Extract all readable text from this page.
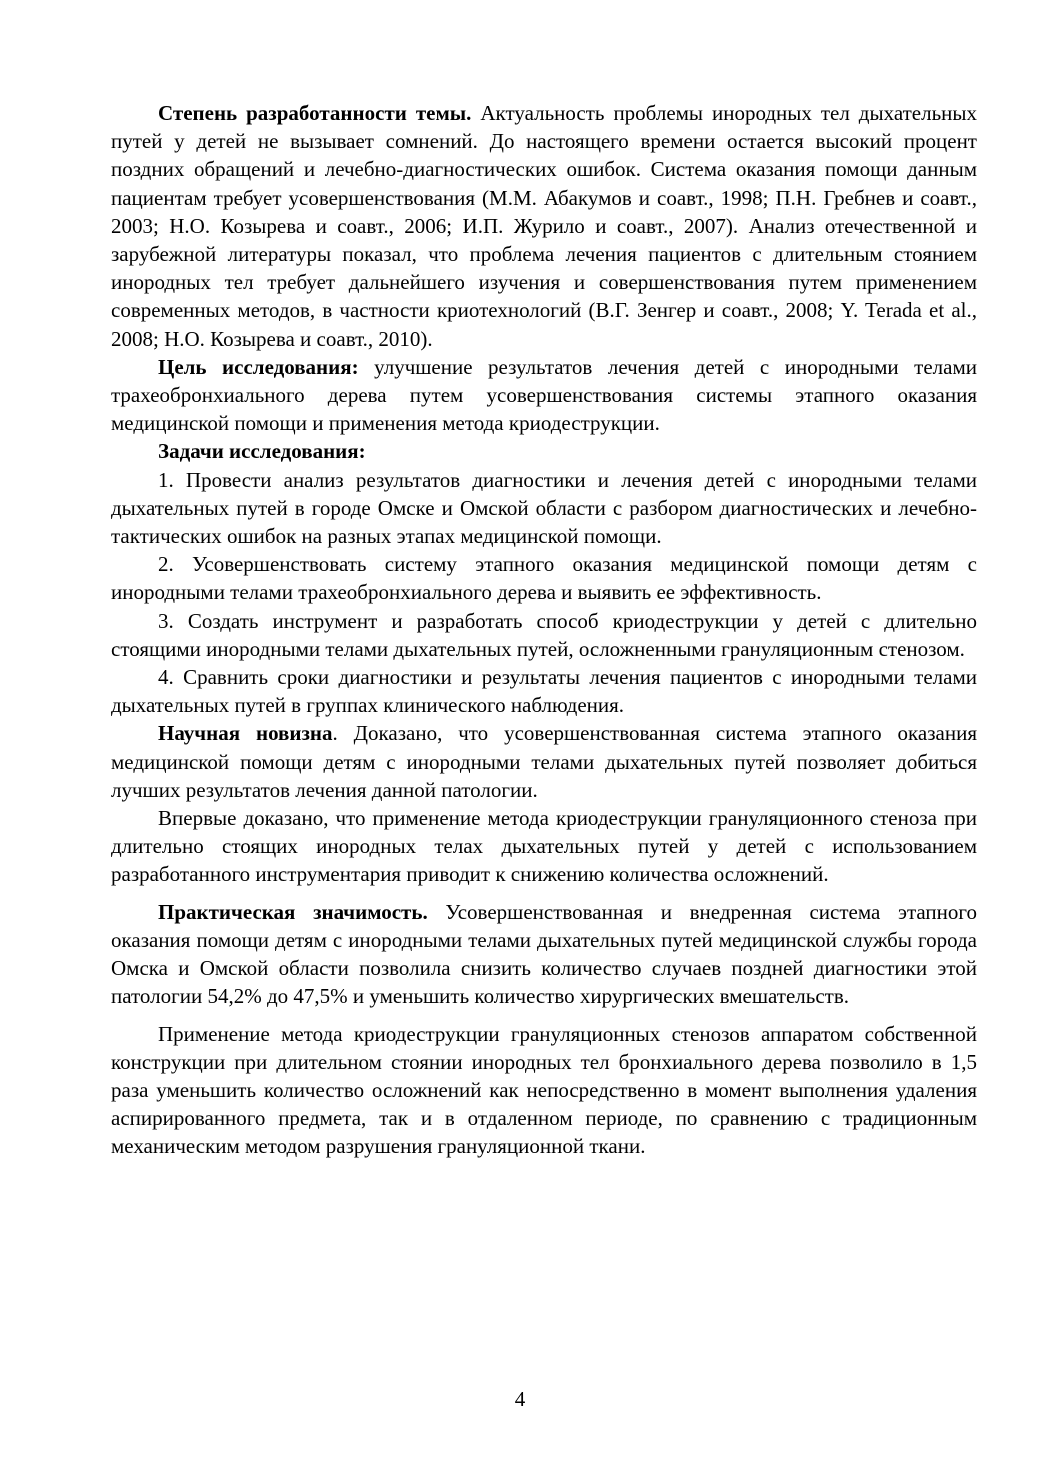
Степень разработанности темы. Актуальность проблемы инородных тел дыхательных путей у детей не вызывает сомнений. До настоящего времени остается высокий процент поздних обращений и лечебно-диагностических ошибок. Система оказания помощи данным пациентам требует усовершенствования (М.М. Абакумов и соавт., 1998; П.Н. Гребнев и соавт., 2003; Н.О. Козырева и соавт., 2006; И.П. Журило и соавт., 2007). Анализ отечественной и зарубежной литературы показал, что проблема лечения пациентов с длительным стоянием инородных тел требует дальнейшего изучения и совершенствования путем применением современных методов, в частности криотехнологий (В.Г. Зенгер и соавт., 2008; Y. Terada et al., 2008; Н.О. Козырева и соавт., 2010).

Цель исследования: улучшение результатов лечения детей с инородными телами трахеобронхиального дерева путем усовершенствования системы этапного оказания медицинской помощи и применения метода криодеструкции.

Задачи исследования:

1. Провести анализ результатов диагностики и лечения детей с инородными телами дыхательных путей в городе Омске и Омской области с разбором диагностических и лечебно-тактических ошибок на разных этапах медицинской помощи.

2. Усовершенствовать систему этапного оказания медицинской помощи детям с инородными телами трахеобронхиального дерева и выявить ее эффективность.

3. Создать инструмент и разработать способ криодеструкции у детей с длительно стоящими инородными телами дыхательных путей, осложненными грануляционным стенозом.

4. Сравнить сроки диагностики и результаты лечения пациентов с инородными телами дыхательных путей в группах клинического наблюдения.

Научная новизна. Доказано, что усовершенствованная система этапного оказания медицинской помощи детям с инородными телами дыхательных путей позволяет добиться лучших результатов лечения данной патологии.

Впервые доказано, что применение метода криодеструкции грануляционного стеноза при длительно стоящих инородных телах дыхательных путей у детей с использованием разработанного инструментария приводит к снижению количества осложнений.

Практическая значимость. Усовершенствованная и внедренная система этапного оказания помощи детям с инородными телами дыхательных путей медицинской службы города Омска и Омской области позволила снизить количество случаев поздней диагностики этой патологии 54,2% до 47,5% и уменьшить количество хирургических вмешательств.

Применение метода криодеструкции грануляционных стенозов аппаратом собственной конструкции при длительном стоянии инородных тел бронхиального дерева позволило в 1,5 раза уменьшить количество осложнений как непосредственно в момент выполнения удаления аспирированного предмета, так и в отдаленном периоде, по сравнению с традиционным механическим методом разрушения грануляционной ткани.

4
